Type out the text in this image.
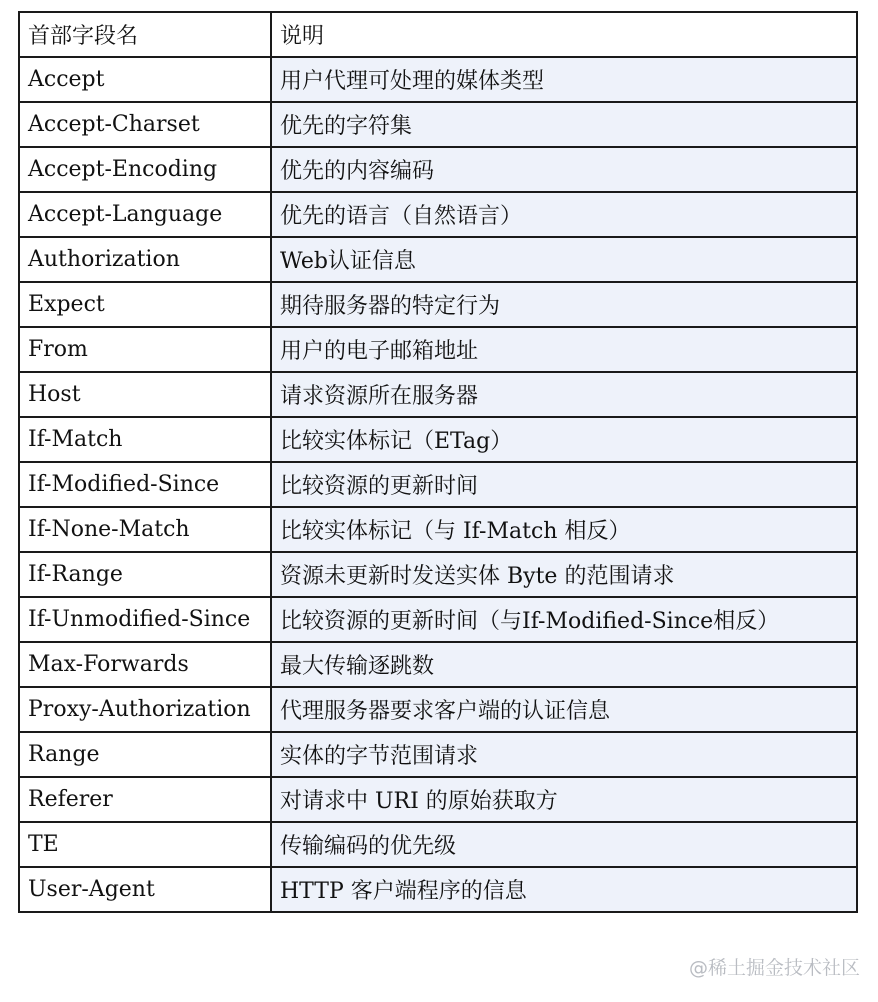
首部字段名	说明
Accept	用户代理可处理的媒体类型
Accept-Charset	优先的字符集
Accept-Encoding	优先的内容编码
Accept-Language	优先的语言（自然语言）
Authorization	Web认证信息
Expect	期待服务器的特定行为
From	用户的电子邮箱地址
Host	请求资源所在服务器
If-Match	比较实体标记（ETag）
If-Modified-Since	比较资源的更新时间
If-None-Match	比较实体标记（与 If-Match 相反）
If-Range	资源未更新时发送实体 Byte 的范围请求
If-Unmodified-Since	比较资源的更新时间（与If-Modified-Since相反）
Max-Forwards	最大传输逐跳数
Proxy-Authorization	代理服务器要求客户端的认证信息
Range	实体的字节范围请求
Referer	对请求中 URI 的原始获取方
TE	传输编码的优先级
User-Agent	HTTP 客户端程序的信息
@稀土掘金技术社区
